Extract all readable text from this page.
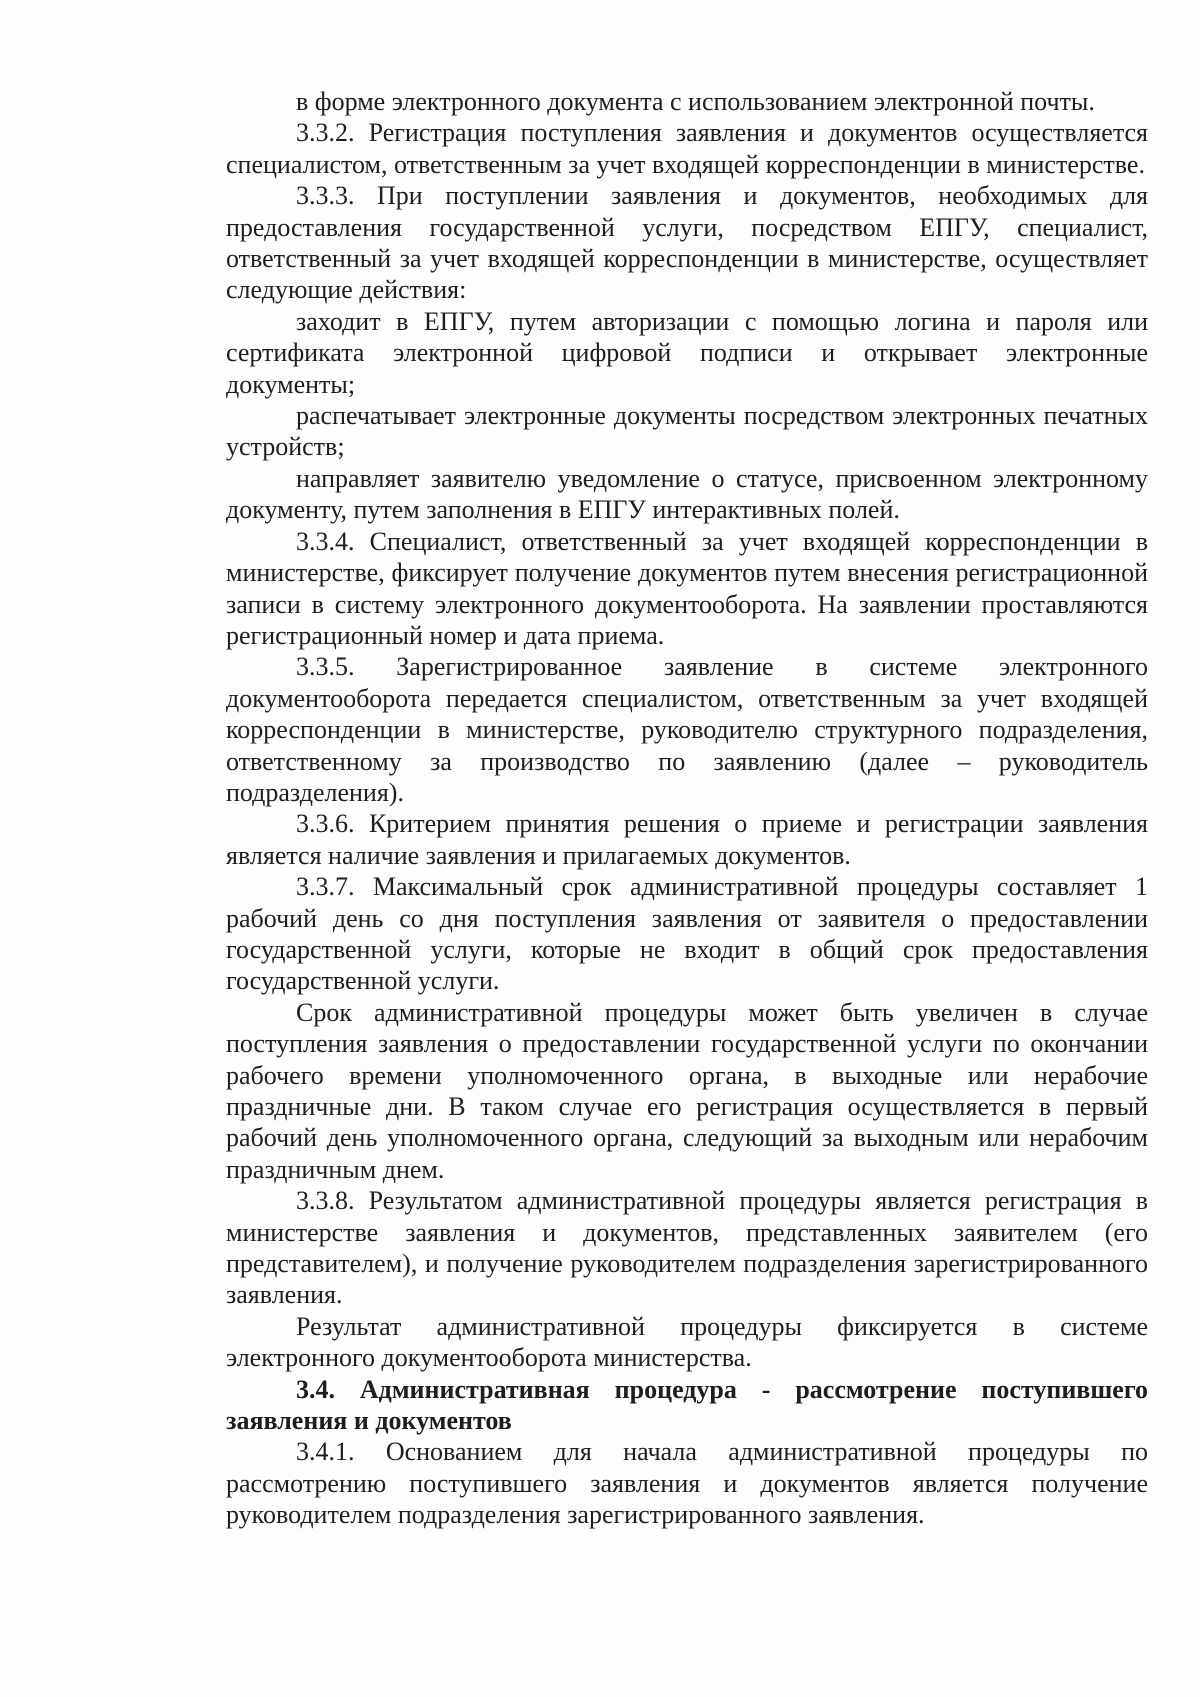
в форме электронного документа с использованием электронной почты.

3.3.2. Регистрация поступления заявления и документов осуществляется специалистом, ответственным за учет входящей корреспонденции в министерстве.

3.3.3. При поступлении заявления и документов, необходимых для предоставления государственной услуги, посредством ЕПГУ, специалист, ответственный за учет входящей корреспонденции в министерстве, осуществляет следующие действия:

заходит в ЕПГУ, путем авторизации с помощью логина и пароля или сертификата электронной цифровой подписи и открывает электронные документы;

распечатывает электронные документы посредством электронных печатных устройств;

направляет заявителю уведомление о статусе, присвоенном электронному документу, путем заполнения в ЕПГУ интерактивных полей.

3.3.4. Специалист, ответственный за учет входящей корреспонденции в министерстве, фиксирует получение документов путем внесения регистрационной записи в систему электронного документооборота. На заявлении проставляются регистрационный номер и дата приема.

3.3.5. Зарегистрированное заявление в системе электронного документооборота передается специалистом, ответственным за учет входящей корреспонденции в министерстве, руководителю структурного подразделения, ответственному за производство по заявлению (далее – руководитель подразделения).

3.3.6. Критерием принятия решения о приеме и регистрации заявления является наличие заявления и прилагаемых документов.

3.3.7. Максимальный срок административной процедуры составляет 1 рабочий день со дня поступления заявления от заявителя о предоставлении государственной услуги, которые не входит в общий срок предоставления государственной услуги.

Срок административной процедуры может быть увеличен в случае поступления заявления о предоставлении государственной услуги по окончании рабочего времени уполномоченного органа, в выходные или нерабочие праздничные дни. В таком случае его регистрация осуществляется в первый рабочий день уполномоченного органа, следующий за выходным или нерабочим праздничным днем.

3.3.8. Результатом административной процедуры является регистрация в министерстве заявления и документов, представленных заявителем (его представителем), и получение руководителем подразделения зарегистрированного заявления.

Результат административной процедуры фиксируется в системе электронного документооборота министерства.

3.4. Административная процедура - рассмотрение поступившего заявления и документов

3.4.1. Основанием для начала административной процедуры по рассмотрению поступившего заявления и документов является получение руководителем подразделения зарегистрированного заявления.
